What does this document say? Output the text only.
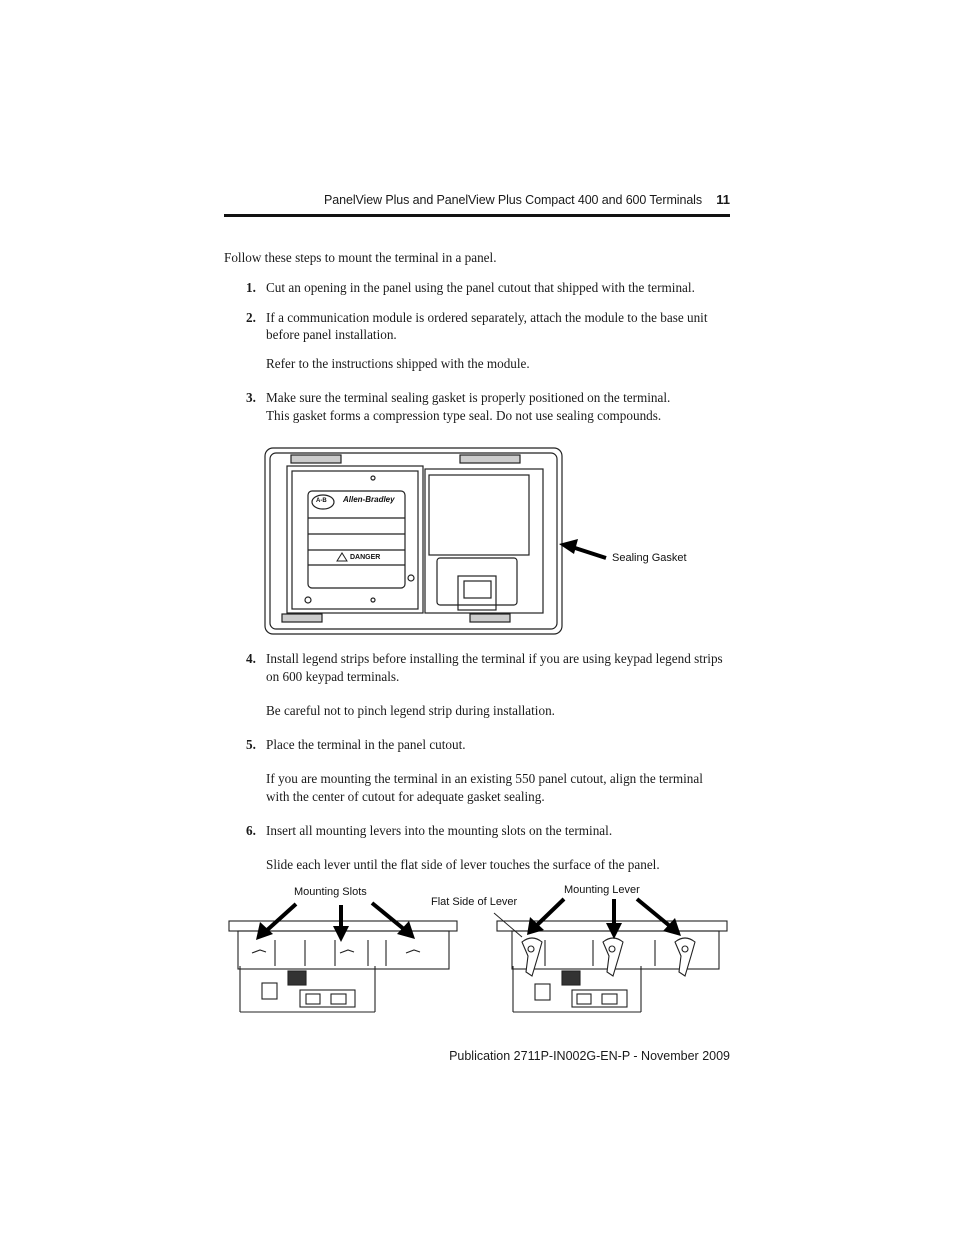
PanelView Plus and PanelView Plus Compact 400 and 600 Terminals 11
Follow these steps to mount the terminal in a panel.
1. Cut an opening in the panel using the panel cutout that shipped with the terminal.
2. If a communication module is ordered separately, attach the module to the base unit
before panel installation.
Refer to the instructions shipped with the module.
3. Make sure the terminal sealing gasket is properly positioned on the terminal.
This gasket forms a compression type seal. Do not use sealing compounds.
Allen-Bradley
A-B
DANGER	Sealing Gasket
4. Install legend strips before installing the terminal if you are using keypad legend strips
on 600 keypad terminals.
Be careful not to pinch legend strip during installation.
5. Place the terminal in the panel cutout.
If you are mounting the terminal in an existing 550 panel cutout, align the terminal
with the center of cutout for adequate gasket sealing.
6. Insert all mounting levers into the mounting slots on the terminal.
Slide each lever until the flat side of lever touches the surface of the panel.
Mounting Slots
Flat Side of Lever
Mounting Lever
Publication 2711P-IN002G-EN-P - November 2009
